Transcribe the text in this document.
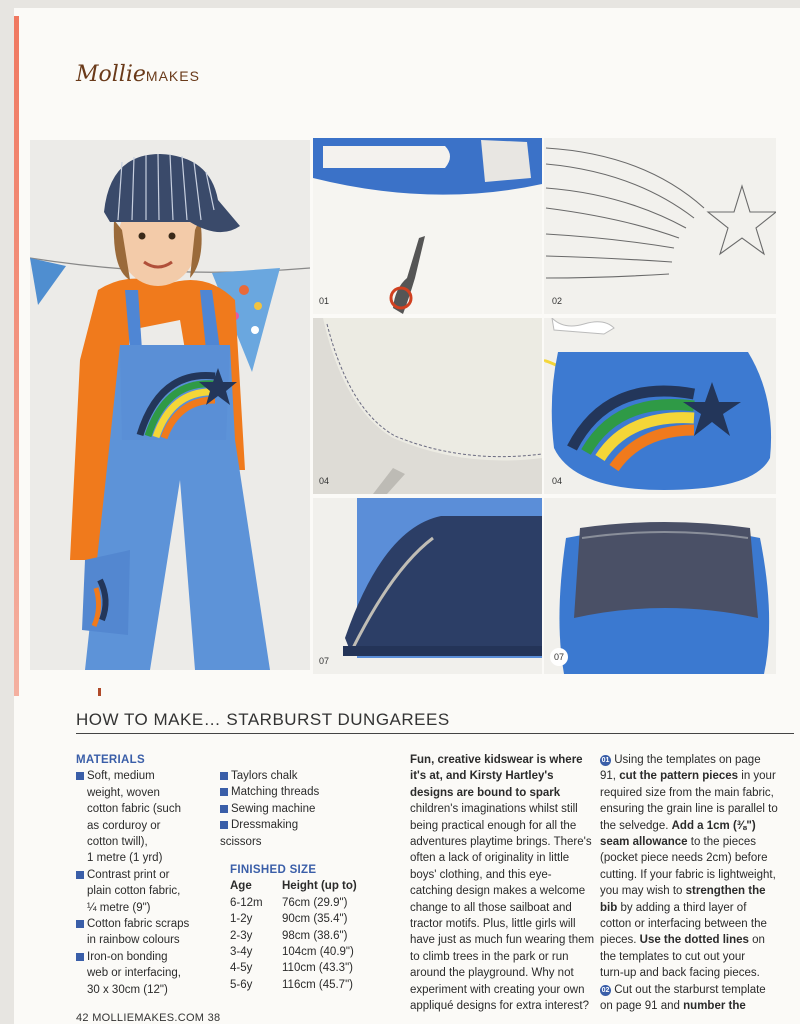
MollieMAKES
01	02
04	04
07	07
HOW TO MAKE… STARBURST DUNGAREES
MATERIALS
Soft, medium
weight, woven
cotton fabric (such
as corduroy or
cotton twill),
1 metre (1 yrd)
Contrast print or
plain cotton fabric,
¼ metre (9")
Cotton fabric scraps
in rainbow colours
Iron-on bonding
web or interfacing,
30 x 30cm (12")
Taylors chalk
Matching threads
Sewing machine
Dressmaking
scissors
FINISHED SIZE
Age	Height (up to)
6-12m	76cm (29.9")
1-2y	90cm (35.4")
2-3y	98cm (38.6")
3-4y	104cm (40.9")
4-5y	110cm (43.3")
5-6y	116cm (45.7")
Fun, creative kidswear is where
it's at, and Kirsty Hartley's
designs are bound to spark
children's imaginations whilst still
being practical enough for all the
adventures playtime brings. There's
often a lack of originality in little
boys' clothing, and this eye-
catching design makes a welcome
change to all those sailboat and
tractor motifs. Plus, little girls will
have just as much fun wearing them
to climb trees in the park or run
around the playground. Why not
experiment with creating your own
appliqué designs for extra interest?
01 Using the templates on page
91, cut the pattern pieces in your
required size from the main fabric,
ensuring the grain line is parallel to
the selvedge. Add a 1cm (⅜")
seam allowance to the pieces
(pocket piece needs 2cm) before
cutting. If your fabric is lightweight,
you may wish to strengthen the
bib by adding a third layer of
cotton or interfacing between the
pieces. Use the dotted lines on
the templates to cut out your
turn-up and back facing pieces.
02 Cut out the starburst template
on page 91 and number the
42 MOLLIEMAKES.COM 38
